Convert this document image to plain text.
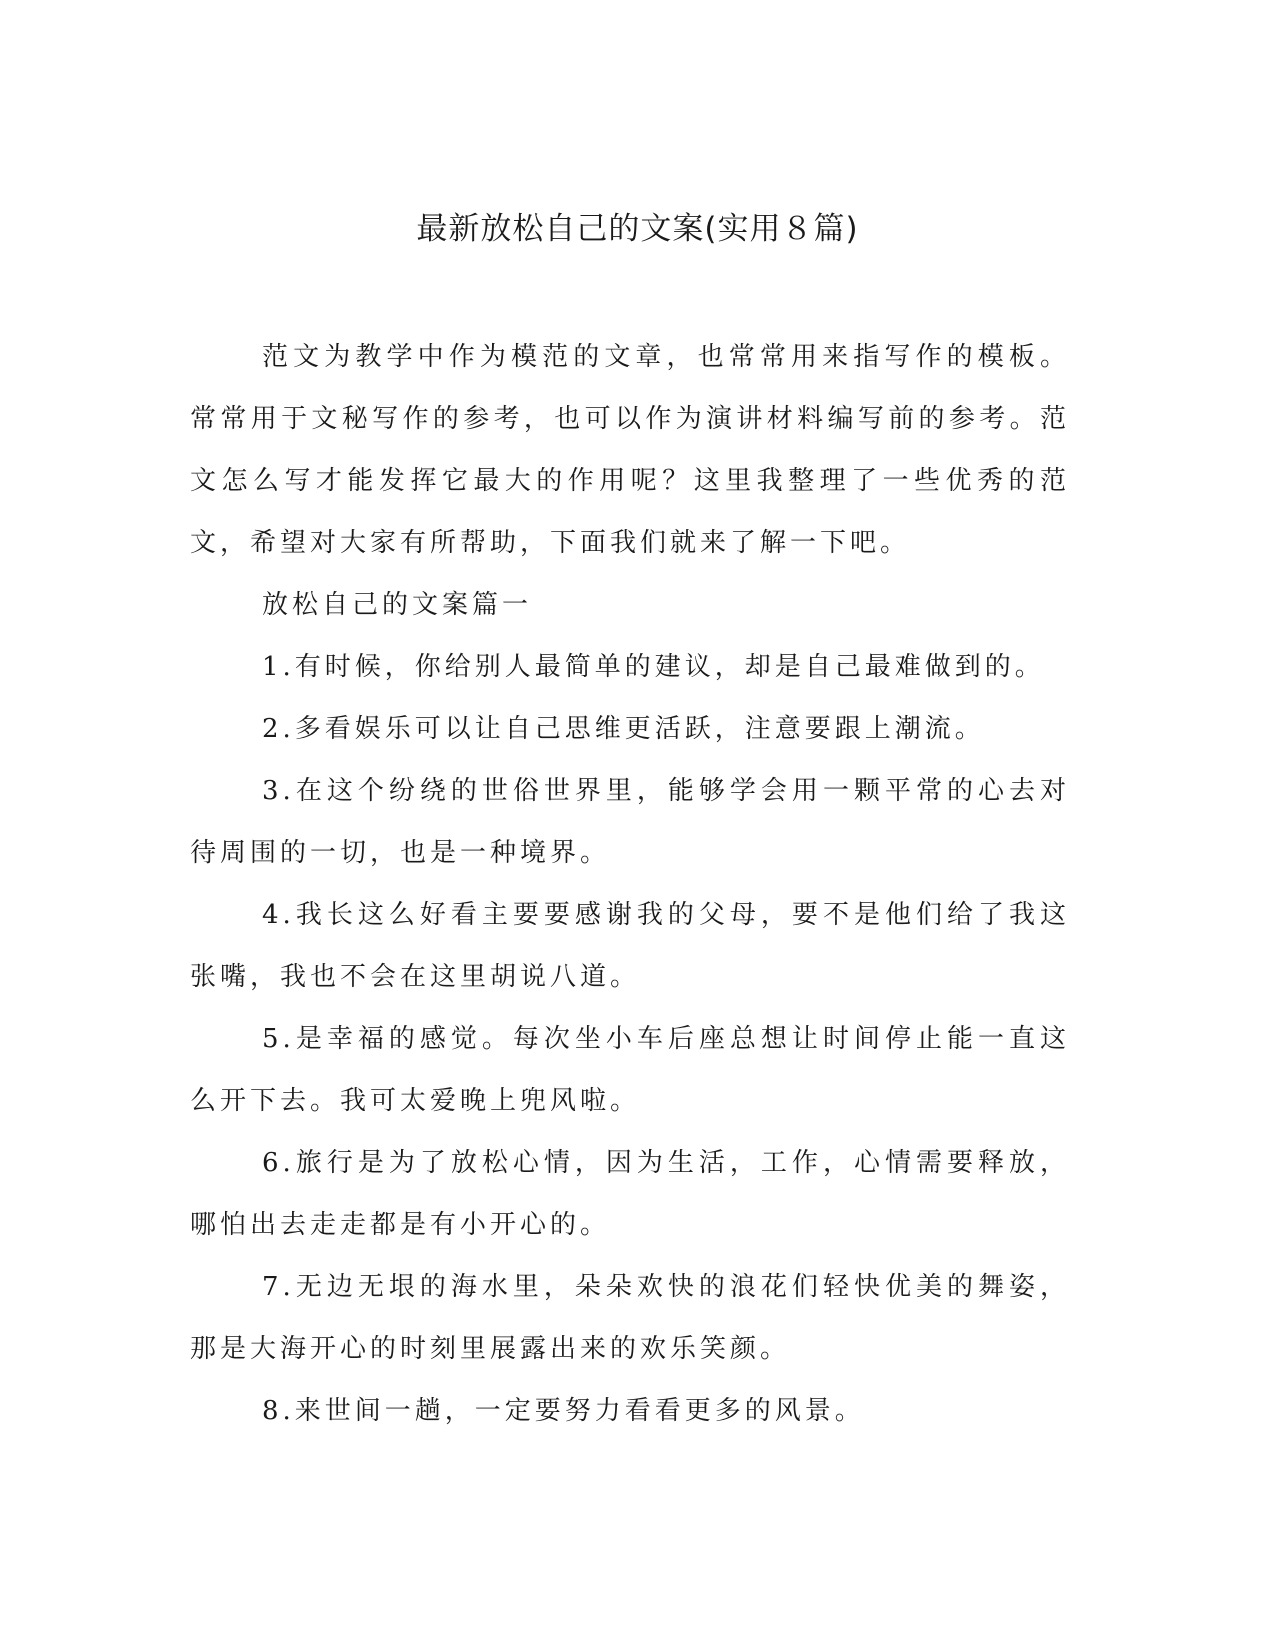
最新放松自己的文案(实用８篇)

范文为教学中作为模范的文章，也常常用来指写作的模板。常常用于文秘写作的参考，也可以作为演讲材料编写前的参考。范文怎么写才能发挥它最大的作用呢？这里我整理了一些优秀的范文，希望对大家有所帮助，下面我们就来了解一下吧。

放松自己的文案篇一

1.有时候，你给别人最简单的建议，却是自己最难做到的。

2.多看娱乐可以让自己思维更活跃，注意要跟上潮流。

3.在这个纷绕的世俗世界里，能够学会用一颗平常的心去对待周围的一切，也是一种境界。

4.我长这么好看主要要感谢我的父母，要不是他们给了我这张嘴，我也不会在这里胡说八道。

5.是幸福的感觉。每次坐小车后座总想让时间停止能一直这么开下去。我可太爱晚上兜风啦。

6.旅行是为了放松心情，因为生活，工作，心情需要释放，哪怕出去走走都是有小开心的。

7.无边无垠的海水里，朵朵欢快的浪花们轻快优美的舞姿，那是大海开心的时刻里展露出来的欢乐笑颜。

8.来世间一趟，一定要努力看看更多的风景。
